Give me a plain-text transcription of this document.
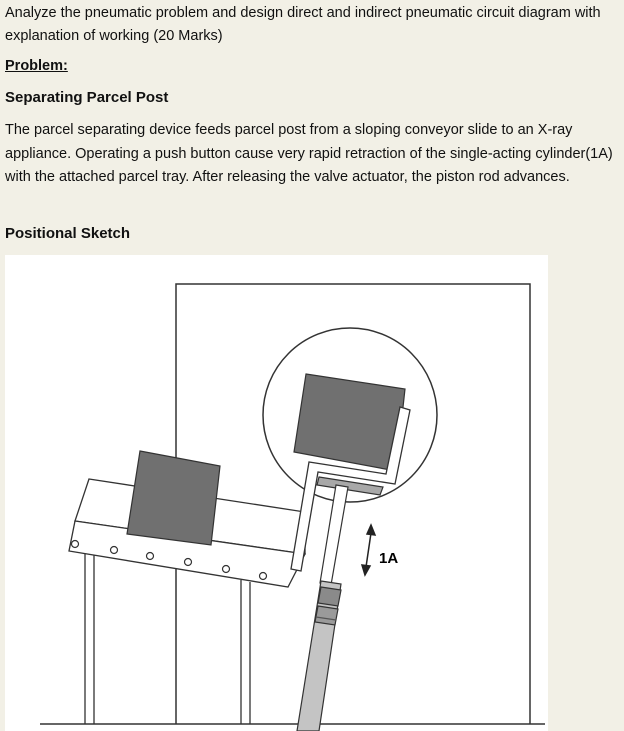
Analyze the pneumatic problem and design direct and indirect pneumatic circuit diagram with explanation of working (20 Marks)

Problem:

Separating Parcel Post

The parcel separating device feeds parcel post from a sloping conveyor slide to an X-ray appliance. Operating a push button cause very rapid retraction of the single-acting cylinder(1A) with the attached parcel tray. After releasing the valve actuator, the piston rod advances.

Positional Sketch

1A
